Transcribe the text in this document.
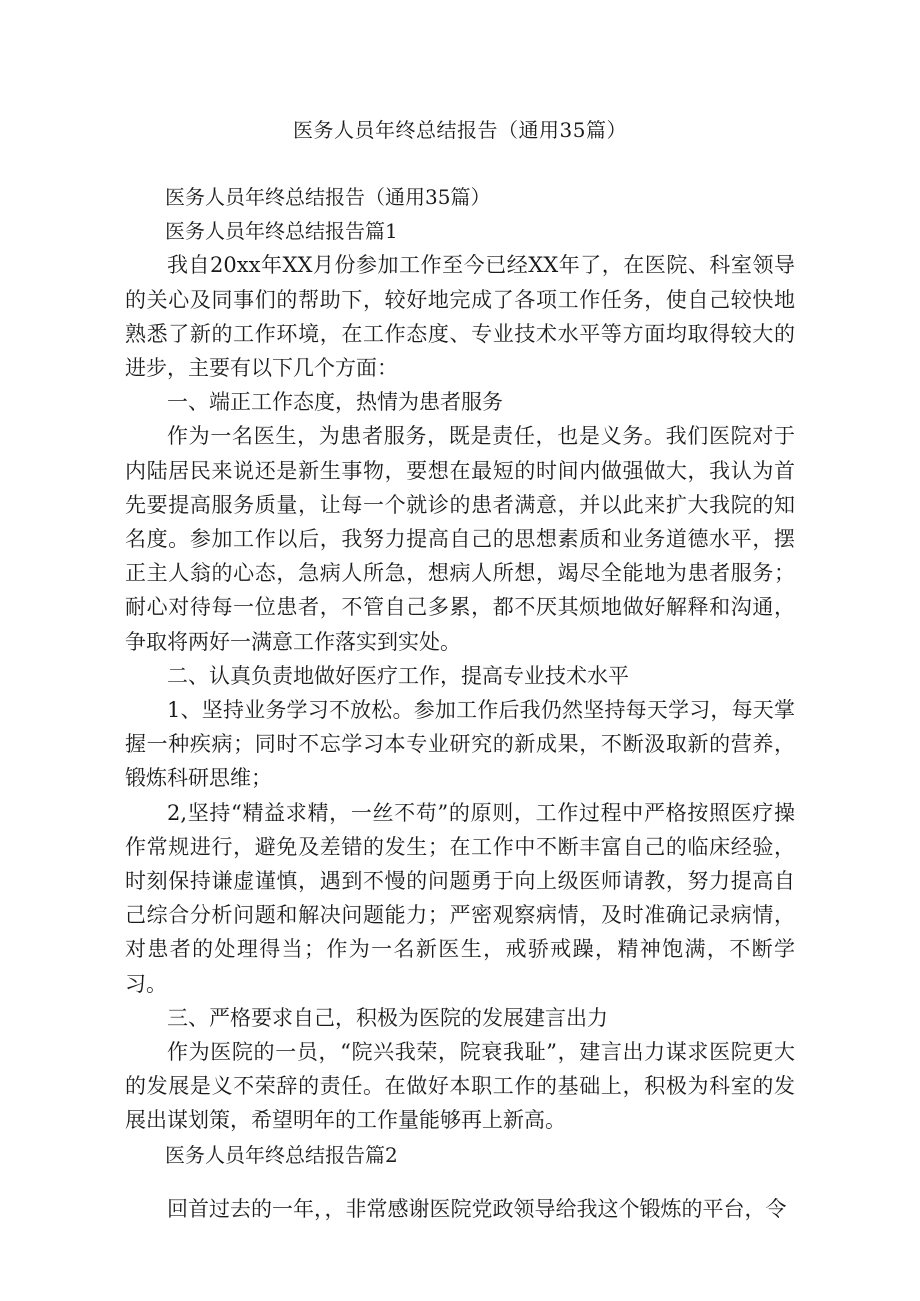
医务人员年终总结报告（通用35篇）

医务人员年终总结报告（通用35篇）

医务人员年终总结报告篇1

我自20xx年XX月份参加工作至今已经XX年了，在医院、科室领导的关心及同事们的帮助下，较好地完成了各项工作任务，使自己较快地熟悉了新的工作环境，在工作态度、专业技术水平等方面均取得较大的进步，主要有以下几个方面：

一、端正工作态度，热情为患者服务

作为一名医生，为患者服务，既是责任，也是义务。我们医院对于内陆居民来说还是新生事物，要想在最短的时间内做强做大，我认为首先要提高服务质量，让每一个就诊的患者满意，并以此来扩大我院的知名度。参加工作以后，我努力提高自己的思想素质和业务道德水平，摆正主人翁的心态，急病人所急，想病人所想，竭尽全能地为患者服务；耐心对待每一位患者，不管自己多累，都不厌其烦地做好解释和沟通，争取将两好一满意工作落实到实处。

二、认真负责地做好医疗工作，提高专业技术水平

1、坚持业务学习不放松。参加工作后我仍然坚持每天学习，每天掌握一种疾病；同时不忘学习本专业研究的新成果，不断汲取新的营养，锻炼科研思维；

2,坚持“精益求精，一丝不苟”的原则，工作过程中严格按照医疗操作常规进行，避免及差错的发生；在工作中不断丰富自己的临床经验，时刻保持谦虚谨慎，遇到不慢的问题勇于向上级医师请教，努力提高自己综合分析问题和解决问题能力；严密观察病情，及时准确记录病情，对患者的处理得当；作为一名新医生，戒骄戒躁，精神饱满，不断学习。

三、严格要求自己，积极为医院的发展建言出力

作为医院的一员，“院兴我荣，院衰我耻”，建言出力谋求医院更大的发展是义不荣辞的责任。在做好本职工作的基础上，积极为科室的发展出谋划策，希望明年的工作量能够再上新高。

医务人员年终总结报告篇2

回首过去的一年，，非常感谢医院党政领导给我这个锻炼的平台，令
